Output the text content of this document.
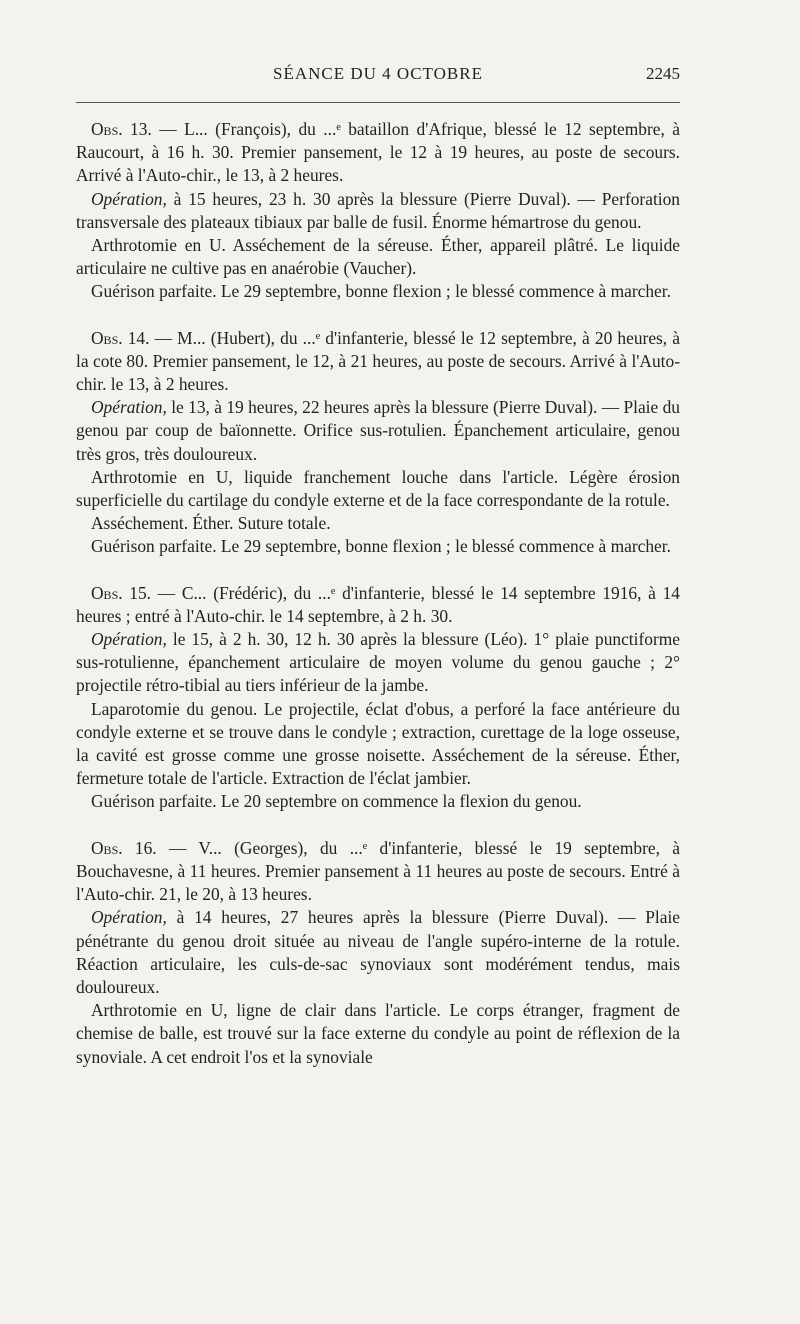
SÉANCE DU 4 OCTOBRE	2245

Obs. 13. — L... (François), du ...ᵉ bataillon d'Afrique, blessé le 12 septembre, à Raucourt, à 16 h. 30. Premier pansement, le 12 à 19 heures, au poste de secours. Arrivé à l'Auto-chir., le 13, à 2 heures.

Opération, à 15 heures, 23 h. 30 après la blessure (Pierre Duval). — Perforation transversale des plateaux tibiaux par balle de fusil. Énorme hémartrose du genou.

Arthrotomie en U. Asséchement de la séreuse. Éther, appareil plâtré. Le liquide articulaire ne cultive pas en anaérobie (Vaucher).

Guérison parfaite. Le 29 septembre, bonne flexion ; le blessé commence à marcher.

Obs. 14. — M... (Hubert), du ...ᵉ d'infanterie, blessé le 12 septembre, à 20 heures, à la cote 80. Premier pansement, le 12, à 21 heures, au poste de secours. Arrivé à l'Auto-chir. le 13, à 2 heures.

Opération, le 13, à 19 heures, 22 heures après la blessure (Pierre Duval). — Plaie du genou par coup de baïonnette. Orifice sus-rotulien. Épanchement articulaire, genou très gros, très douloureux.

Arthrotomie en U, liquide franchement louche dans l'article. Légère érosion superficielle du cartilage du condyle externe et de la face correspondante de la rotule.

Asséchement. Éther. Suture totale.

Guérison parfaite. Le 29 septembre, bonne flexion ; le blessé commence à marcher.

Obs. 15. — C... (Frédéric), du ...ᵉ d'infanterie, blessé le 14 septembre 1916, à 14 heures ; entré à l'Auto-chir. le 14 septembre, à 2 h. 30.

Opération, le 15, à 2 h. 30, 12 h. 30 après la blessure (Léo). 1° plaie punctiforme sus-rotulienne, épanchement articulaire de moyen volume du genou gauche ; 2° projectile rétro-tibial au tiers inférieur de la jambe.

Laparotomie du genou. Le projectile, éclat d'obus, a perforé la face antérieure du condyle externe et se trouve dans le condyle ; extraction, curettage de la loge osseuse, la cavité est grosse comme une grosse noisette. Asséchement de la séreuse. Éther, fermeture totale de l'article. Extraction de l'éclat jambier.

Guérison parfaite. Le 20 septembre on commence la flexion du genou.

Obs. 16. — V... (Georges), du ...ᵉ d'infanterie, blessé le 19 septembre, à Bouchavesne, à 11 heures. Premier pansement à 11 heures au poste de secours. Entré à l'Auto-chir. 21, le 20, à 13 heures.

Opération, à 14 heures, 27 heures après la blessure (Pierre Duval). — Plaie pénétrante du genou droit située au niveau de l'angle supéro-interne de la rotule. Réaction articulaire, les culs-de-sac synoviaux sont modérément tendus, mais douloureux.

Arthrotomie en U, ligne de clair dans l'article. Le corps étranger, fragment de chemise de balle, est trouvé sur la face externe du condyle au point de réflexion de la synoviale. A cet endroit l'os et la synoviale
